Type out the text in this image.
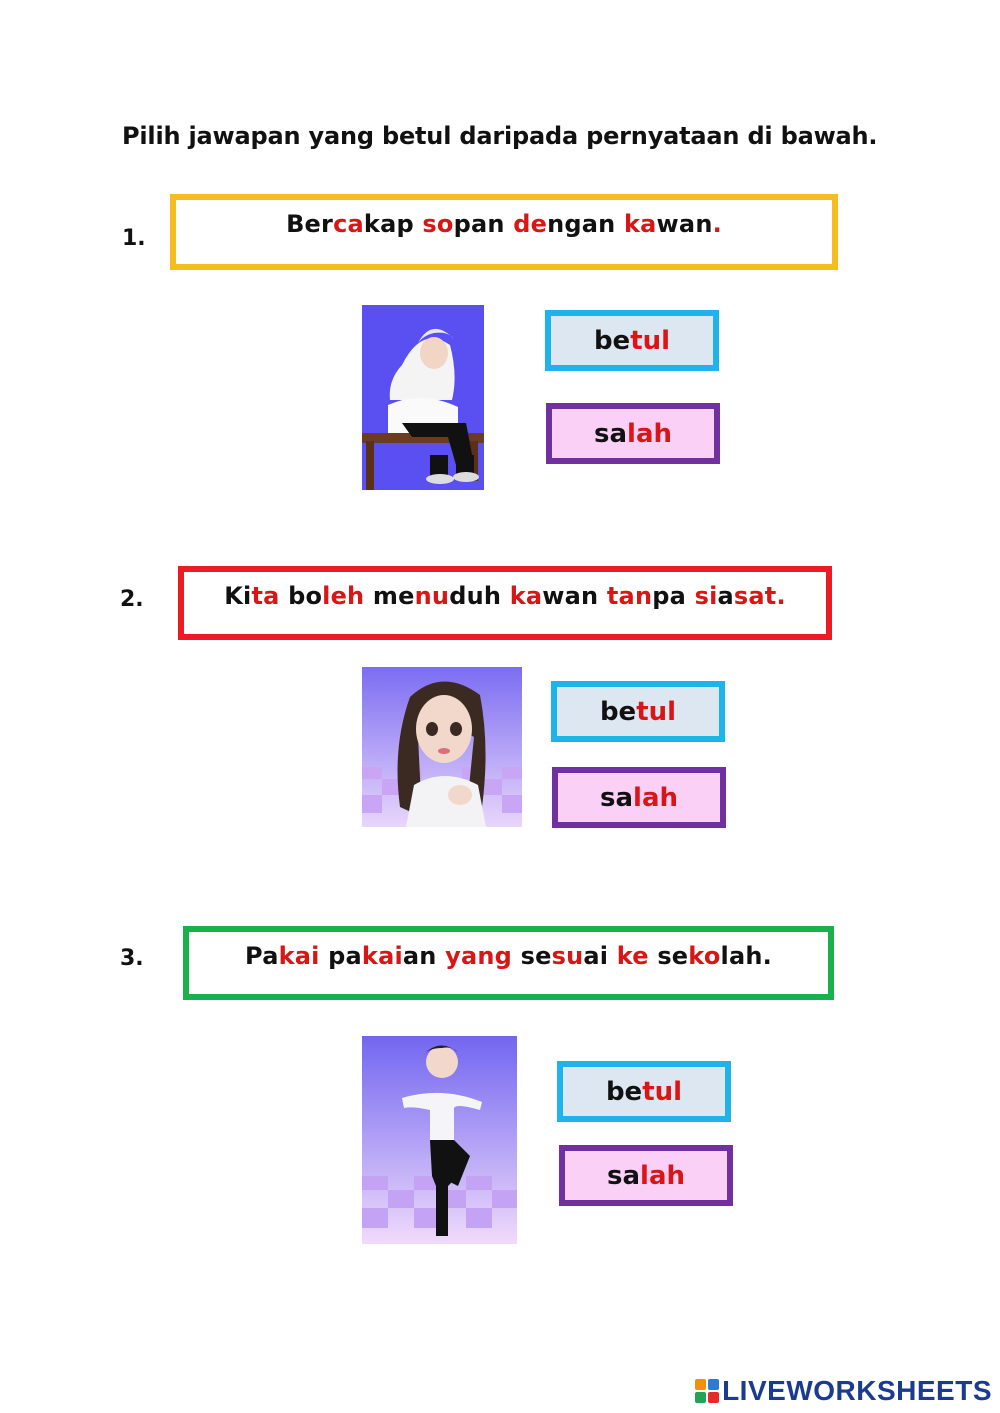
Pilih jawapan yang betul daripada pernyataan di bawah.
1.
Ber ca kap so pan de ngan ka wan .
be tul
sa lah
2.	Ki ta bo leh me nu duh ka wan tan pa si a sat.
be tul
sa lah
3.	Pa kai pa kai an yang se su ai ke se ko lah.
be tul
sa lah
LIVEWORKSHEETS
